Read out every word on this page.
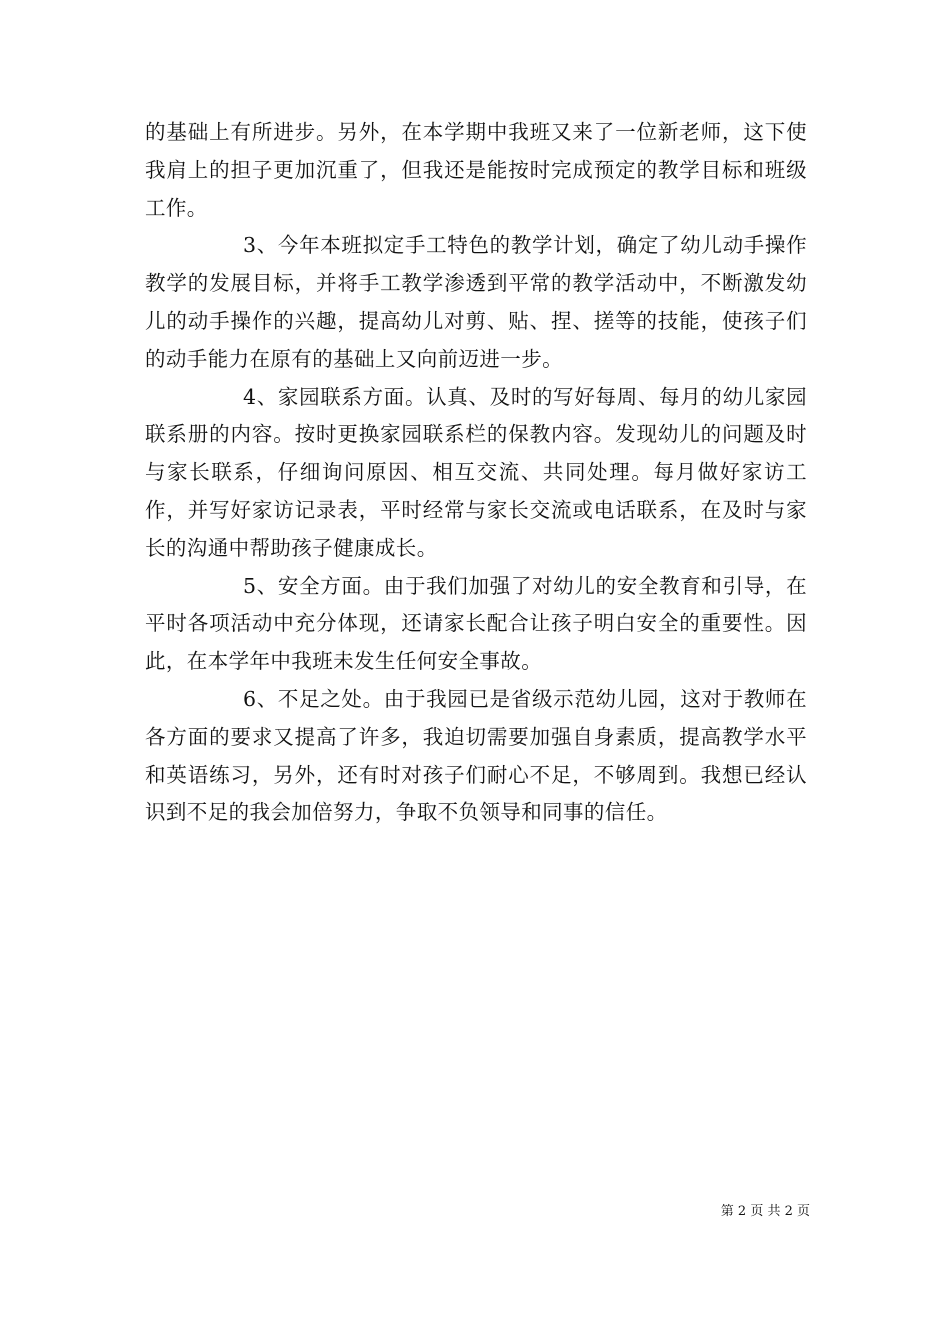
的基础上有所进步。另外，在本学期中我班又来了一位新老师，这下使我肩上的担子更加沉重了，但我还是能按时完成预定的教学目标和班级工作。

3、今年本班拟定手工特色的教学计划，确定了幼儿动手操作教学的发展目标，并将手工教学渗透到平常的教学活动中，不断激发幼儿的动手操作的兴趣，提高幼儿对剪、贴、捏、搓等的技能，使孩子们的动手能力在原有的基础上又向前迈进一步。

4、家园联系方面。认真、及时的写好每周、每月的幼儿家园联系册的内容。按时更换家园联系栏的保教内容。发现幼儿的问题及时与家长联系，仔细询问原因、相互交流、共同处理。每月做好家访工作，并写好家访记录表，平时经常与家长交流或电话联系，在及时与家长的沟通中帮助孩子健康成长。

5、安全方面。由于我们加强了对幼儿的安全教育和引导，在平时各项活动中充分体现，还请家长配合让孩子明白安全的重要性。因此，在本学年中我班未发生任何安全事故。

6、不足之处。由于我园已是省级示范幼儿园，这对于教师在各方面的要求又提高了许多，我迫切需要加强自身素质，提高教学水平和英语练习，另外，还有时对孩子们耐心不足，不够周到。我想已经认识到不足的我会加倍努力，争取不负领导和同事的信任。

第 2 页 共 2 页
